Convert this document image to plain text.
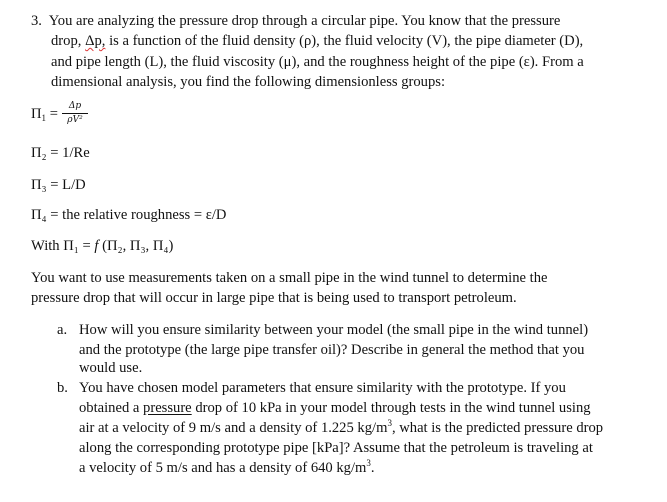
3. You are analyzing the pressure drop through a circular pipe. You know that the pressure
drop, Δp, is a function of the fluid density (ρ), the fluid velocity (V), the pipe diameter (D),
and pipe length (L), the fluid viscosity (μ), and the roughness height of the pipe (ε). From a
dimensional analysis, you find the following dimensionless groups:
$\Pi_1$ =	Δp
ρV²
Π₂ = 1/Re
Π₃ = L/D
Π₄ = the relative roughness = ε/D
With Π₁ = f (Π₂, Π₃, Π₄)
You want to use measurements taken on a small pipe in the wind tunnel to determine the
pressure drop that will occur in large pipe that is being used to transport petroleum.
a. How will you ensure similarity between your model (the small pipe in the wind tunnel)
and the prototype (the large pipe transfer oil)? Describe in general the method that you
would use.
b. You have chosen model parameters that ensure similarity with the prototype. If you
obtained a pressure drop of 10 kPa in your model through tests in the wind tunnel using
air at a velocity of 9 m/s and a density of 1.225 $kg/m^3$, what is the predicted pressure drop
along the corresponding prototype pipe [kPa]? Assume that the petroleum is traveling at
a velocity of 5 m/s and has a density of 640 $kg/m^3$.
